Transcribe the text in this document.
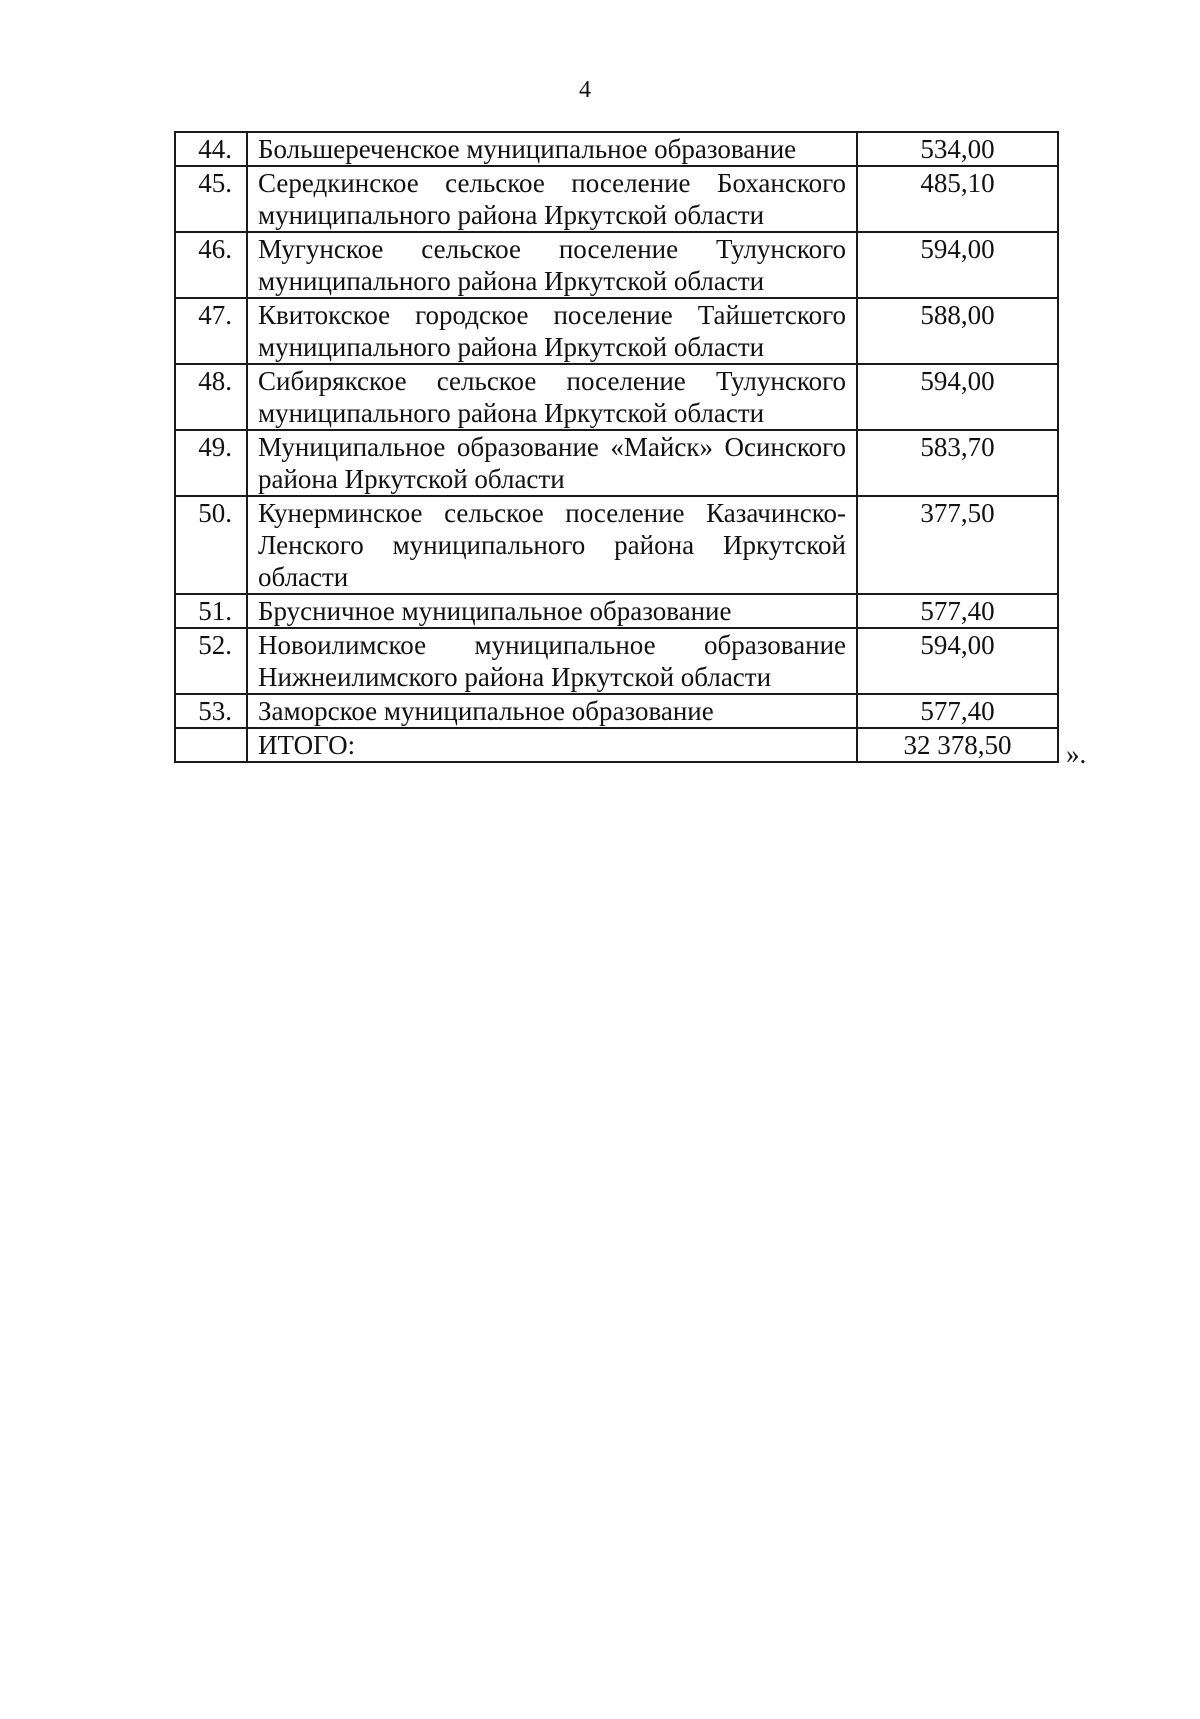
4
44.	Большереченское муниципальное образование	534,00
45.	Середкинское сельское поселение Боханского муниципального района Иркутской области	485,10
46.	Мугунское сельское поселение Тулунского муниципального района Иркутской области	594,00
47.	Квитокское городское поселение Тайшетского муниципального района Иркутской области	588,00
48.	Сибирякское сельское поселение Тулунского муниципального района Иркутской области	594,00
49.	Муниципальное образование «Майск» Осинского района Иркутской области	583,70
50.	Кунерминское сельское поселение Казачинско-Ленского муниципального района Иркутской области	377,50
51.	Брусничное муниципальное образование	577,40
52.	Новоилимское муниципальное образование Нижнеилимского района Иркутской области	594,00
53.	Заморское муниципальное образование	577,40
	ИТОГО:	32 378,50 ».
